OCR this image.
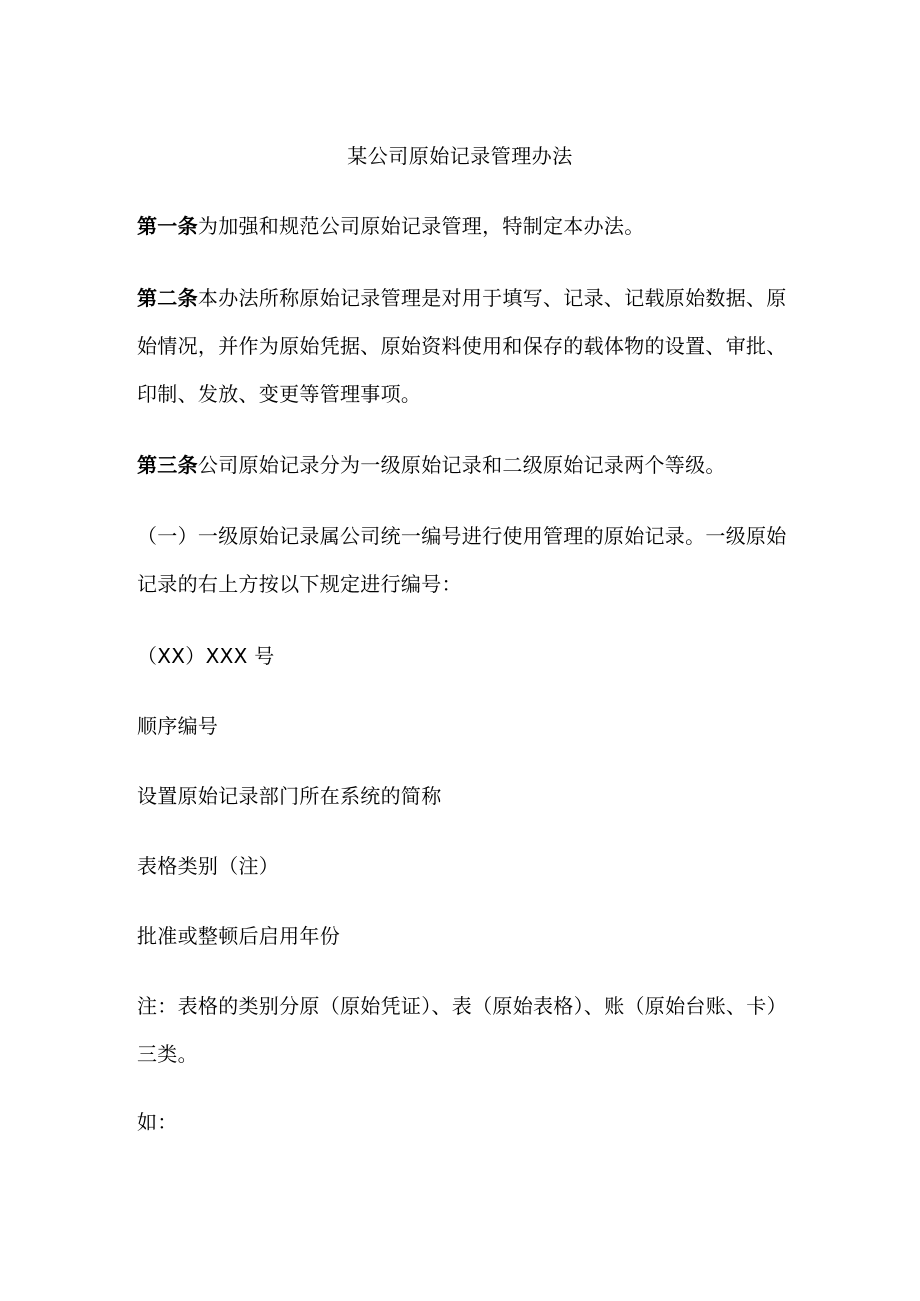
某公司原始记录管理办法

第一条为加强和规范公司原始记录管理，特制定本办法。

第二条本办法所称原始记录管理是对用于填写、记录、记载原始数据、原始情况，并作为原始凭据、原始资料使用和保存的载体物的设置、审批、印制、发放、变更等管理事项。

第三条公司原始记录分为一级原始记录和二级原始记录两个等级。

（一）一级原始记录属公司统一编号进行使用管理的原始记录。一级原始记录的右上方按以下规定进行编号：

（XX）XXX 号

顺序编号

设置原始记录部门所在系统的简称

表格类别（注）

批准或整顿后启用年份

注：表格的类别分原（原始凭证）、表（原始表格）、账（原始台账、卡）三类。

如：
